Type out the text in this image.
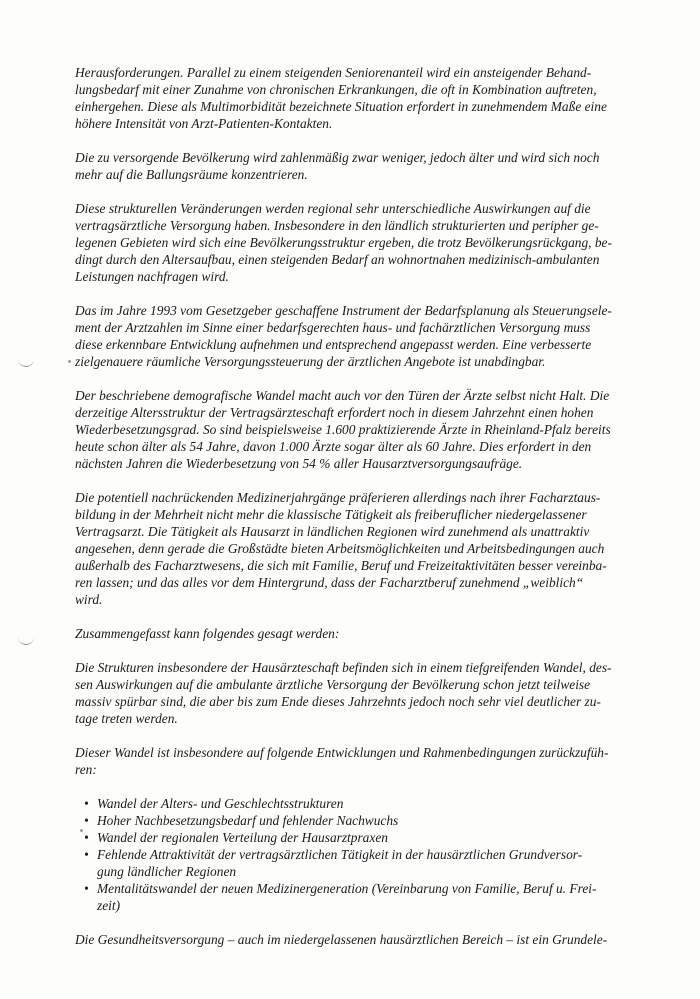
Herausforderungen. Parallel zu einem steigenden Seniorenanteil wird ein ansteigender Behand-
lungsbedarf mit einer Zunahme von chronischen Erkrankungen, die oft in Kombination auftreten,
einhergehen. Diese als Multimorbidität bezeichnete Situation erfordert in zunehmendem Maße eine
höhere Intensität von Arzt-Patienten-Kontakten.

Die zu versorgende Bevölkerung wird zahlenmäßig zwar weniger, jedoch älter und wird sich noch
mehr auf die Ballungsräume konzentrieren.

Diese strukturellen Veränderungen werden regional sehr unterschiedliche Auswirkungen auf die
vertragsärztliche Versorgung haben. Insbesondere in den ländlich strukturierten und peripher ge-
legenen Gebieten wird sich eine Bevölkerungsstruktur ergeben, die trotz Bevölkerungsrückgang, be-
dingt durch den Altersaufbau, einen steigenden Bedarf an wohnortnahen medizinisch-ambulanten
Leistungen nachfragen wird.

Das im Jahre 1993 vom Gesetzgeber geschaffene Instrument der Bedarfsplanung als Steuerungsele-
ment der Arztzahlen im Sinne einer bedarfsgerechten haus- und fachärztlichen Versorgung muss
diese erkennbare Entwicklung aufnehmen und entsprechend angepasst werden. Eine verbesserte
zielgenauere räumliche Versorgungssteuerung der ärztlichen Angebote ist unabdingbar.

Der beschriebene demografische Wandel macht auch vor den Türen der Ärzte selbst nicht Halt. Die
derzeitige Altersstruktur der Vertragsärzteschaft erfordert noch in diesem Jahrzehnt einen hohen
Wiederbesetzungsgrad. So sind beispielsweise 1.600 praktizierende Ärzte in Rheinland-Pfalz bereits
heute schon älter als 54 Jahre, davon 1.000 Ärzte sogar älter als 60 Jahre. Dies erfordert in den
nächsten Jahren die Wiederbesetzung von 54 % aller Hausarztversorgungsaufräge.

Die potentiell nachrückenden Medizinerjahrgänge präferieren allerdings nach ihrer Facharztaus-
bildung in der Mehrheit nicht mehr die klassische Tätigkeit als freiberuflicher niedergelassener
Vertragsarzt. Die Tätigkeit als Hausarzt in ländlichen Regionen wird zunehmend als unattraktiv
angesehen, denn gerade die Großstädte bieten Arbeitsmöglichkeiten und Arbeitsbedingungen auch
außerhalb des Facharztwesens, die sich mit Familie, Beruf und Freizeitaktivitäten besser vereinba-
ren lassen; und das alles vor dem Hintergrund, dass der Facharztberuf zunehmend „weiblich“
wird.

Zusammengefasst kann folgendes gesagt werden:

Die Strukturen insbesondere der Hausärzteschaft befinden sich in einem tiefgreifenden Wandel, des-
sen Auswirkungen auf die ambulante ärztliche Versorgung der Bevölkerung schon jetzt teilweise
massiv spürbar sind, die aber bis zum Ende dieses Jahrzehnts jedoch noch sehr viel deutlicher zu-
tage treten werden.

Dieser Wandel ist insbesondere auf folgende Entwicklungen und Rahmenbedingungen zurückzufüh-
ren:

• Wandel der Alters- und Geschlechtsstrukturen
• Hoher Nachbesetzungsbedarf und fehlender Nachwuchs
• Wandel der regionalen Verteilung der Hausarztpraxen
• Fehlende Attraktivität der vertragsärztlichen Tätigkeit in der hausärztlichen Grundversor-
gung ländlicher Regionen
• Mentalitätswandel der neuen Medizinergeneration (Vereinbarung von Familie, Beruf u. Frei-
zeit)

Die Gesundheitsversorgung – auch im niedergelassenen hausärztlichen Bereich – ist ein Grundele-
